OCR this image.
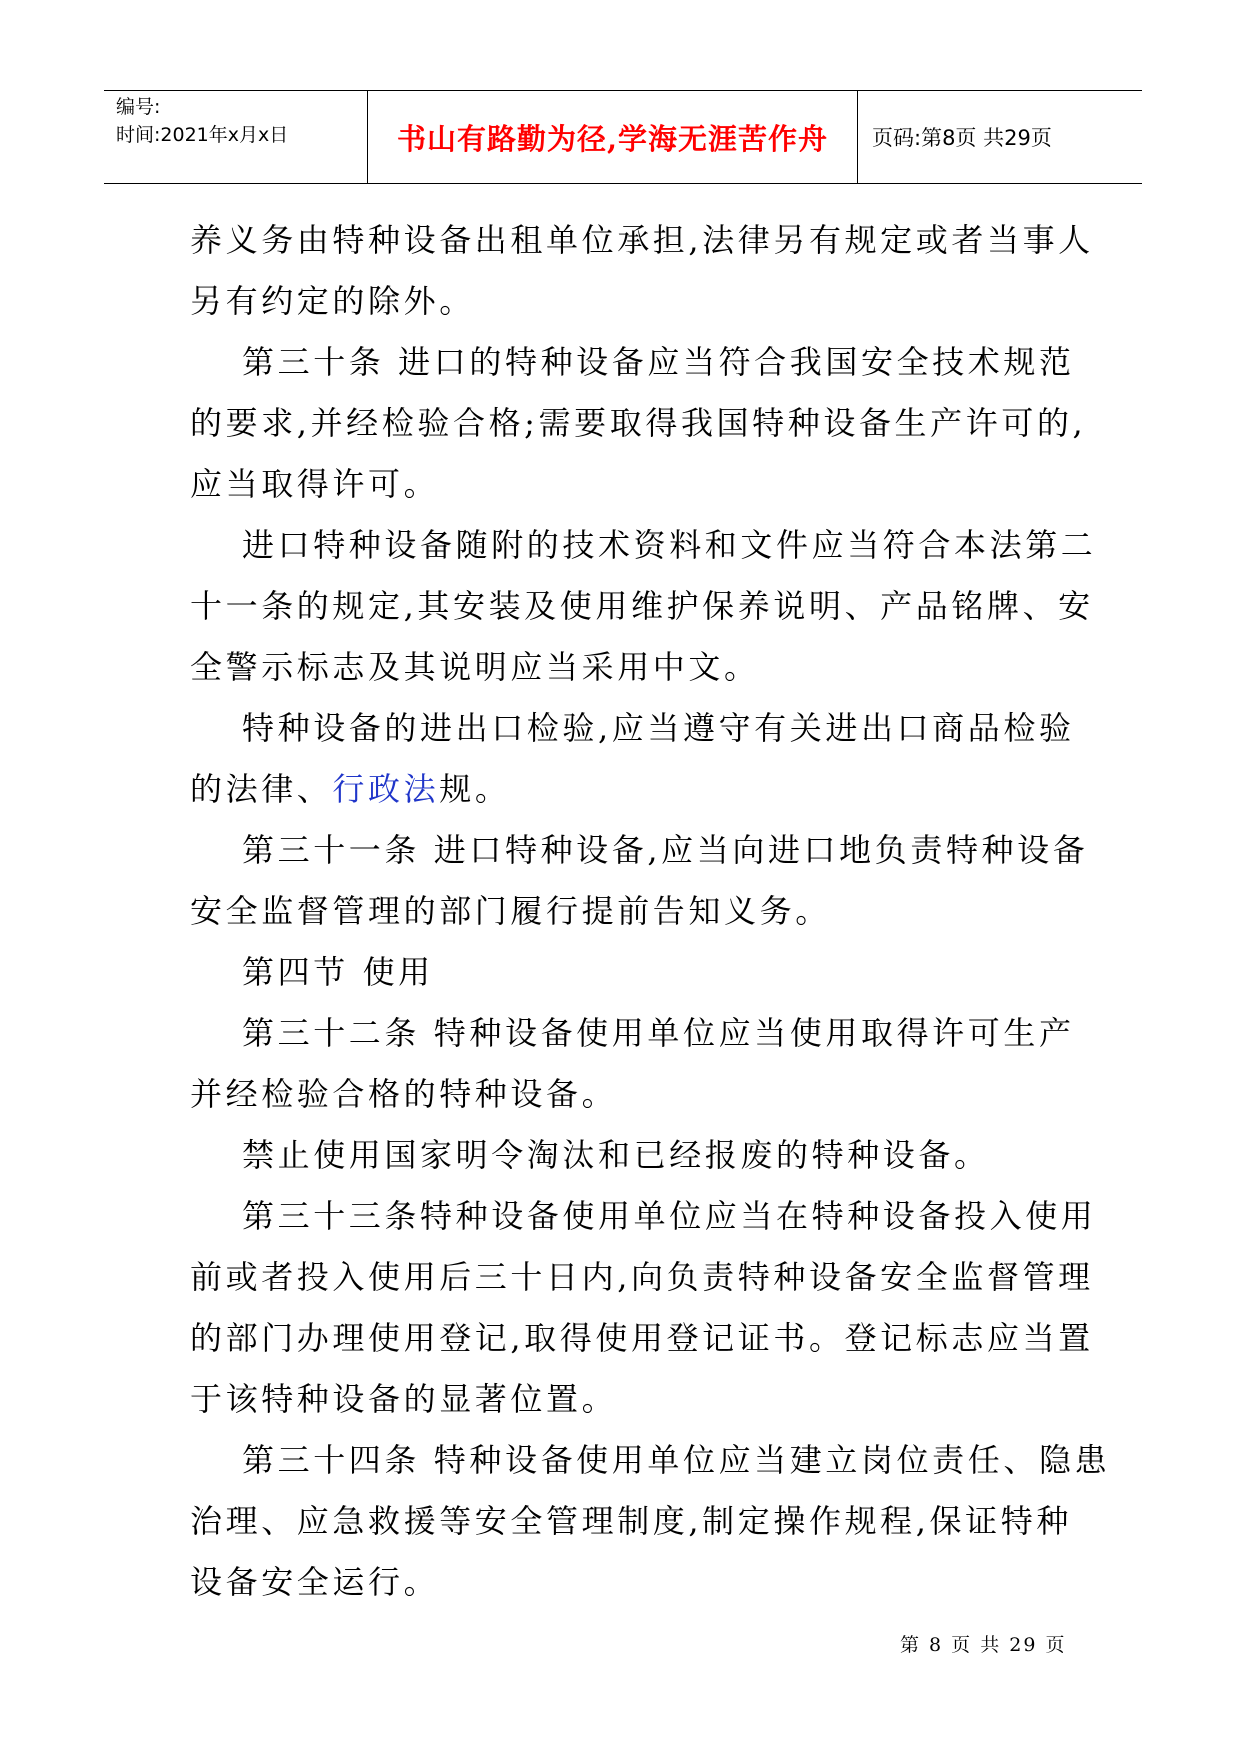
编号:
时间:2021年x月x日	书山有路勤为径,学海无涯苦作舟	页码:第8页 共29页

养义务由特种设备出租单位承担,法律另有规定或者当事人

另有约定的除外。

第三十条 进口的特种设备应当符合我国安全技术规范

的要求,并经检验合格;需要取得我国特种设备生产许可的,

应当取得许可。

进口特种设备随附的技术资料和文件应当符合本法第二

十一条的规定,其安装及使用维护保养说明、产品铭牌、安

全警示标志及其说明应当采用中文。

特种设备的进出口检验,应当遵守有关进出口商品检验

的法律、行政法规。

第三十一条 进口特种设备,应当向进口地负责特种设备

安全监督管理的部门履行提前告知义务。

第四节 使用

第三十二条 特种设备使用单位应当使用取得许可生产

并经检验合格的特种设备。

禁止使用国家明令淘汰和已经报废的特种设备。

第三十三条特种设备使用单位应当在特种设备投入使用

前或者投入使用后三十日内,向负责特种设备安全监督管理

的部门办理使用登记,取得使用登记证书。登记标志应当置

于该特种设备的显著位置。

第三十四条 特种设备使用单位应当建立岗位责任、隐患

治理、应急救援等安全管理制度,制定操作规程,保证特种

设备安全运行。

第 8 页 共 29 页
